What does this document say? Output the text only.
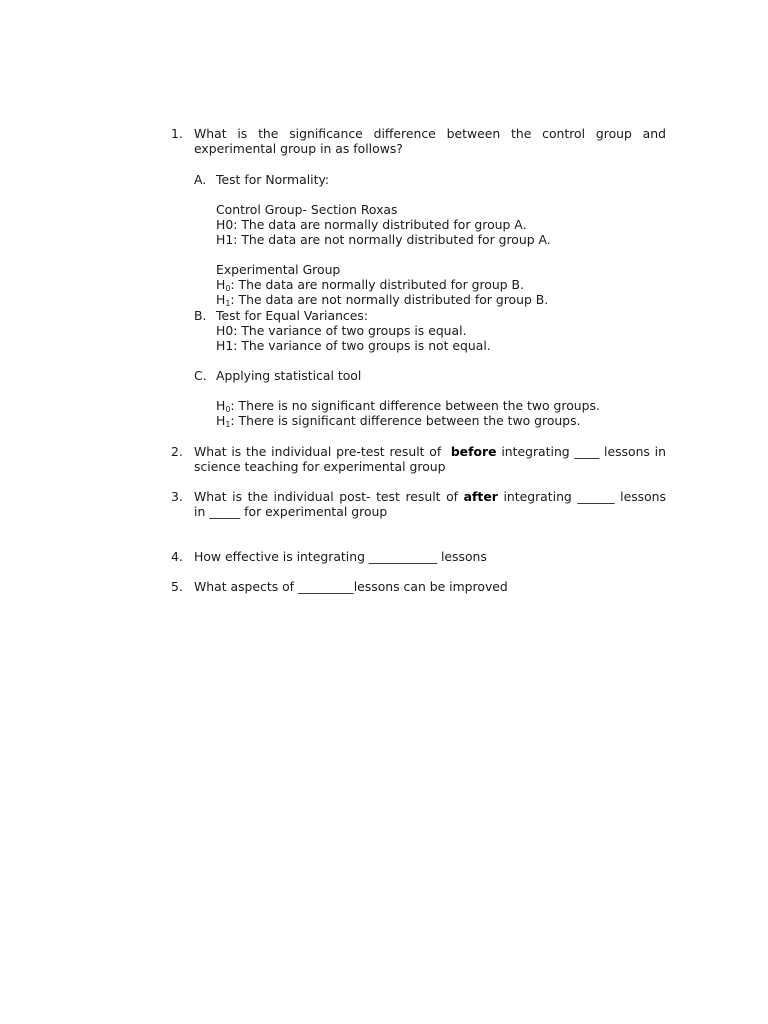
1. What is the significance difference between the control group and
experimental group in as follows?
A. Test for Normality:
Control Group- Section Roxas
H0: The data are normally distributed for group A.
H1: The data are not normally distributed for group A.
Experimental Group
$H_0$: The data are normally distributed for group B.
$H_1$: The data are not normally distributed for group B.
B. Test for Equal Variances:
H0: The variance of two groups is equal.
H1: The variance of two groups is not equal.
C. Applying statistical tool
$H_0$: There is no significant difference between the two groups.
$H_1$: There is significant difference between the two groups.
2. What is the individual pre-test result of before integrating ____ lessons in
science teaching for experimental group
3. What is the individual post- test result of after integrating ______ lessons
in _____ for experimental group
4. How effective is integrating ___________ lessons
5. What aspects of _________lessons can be improved
